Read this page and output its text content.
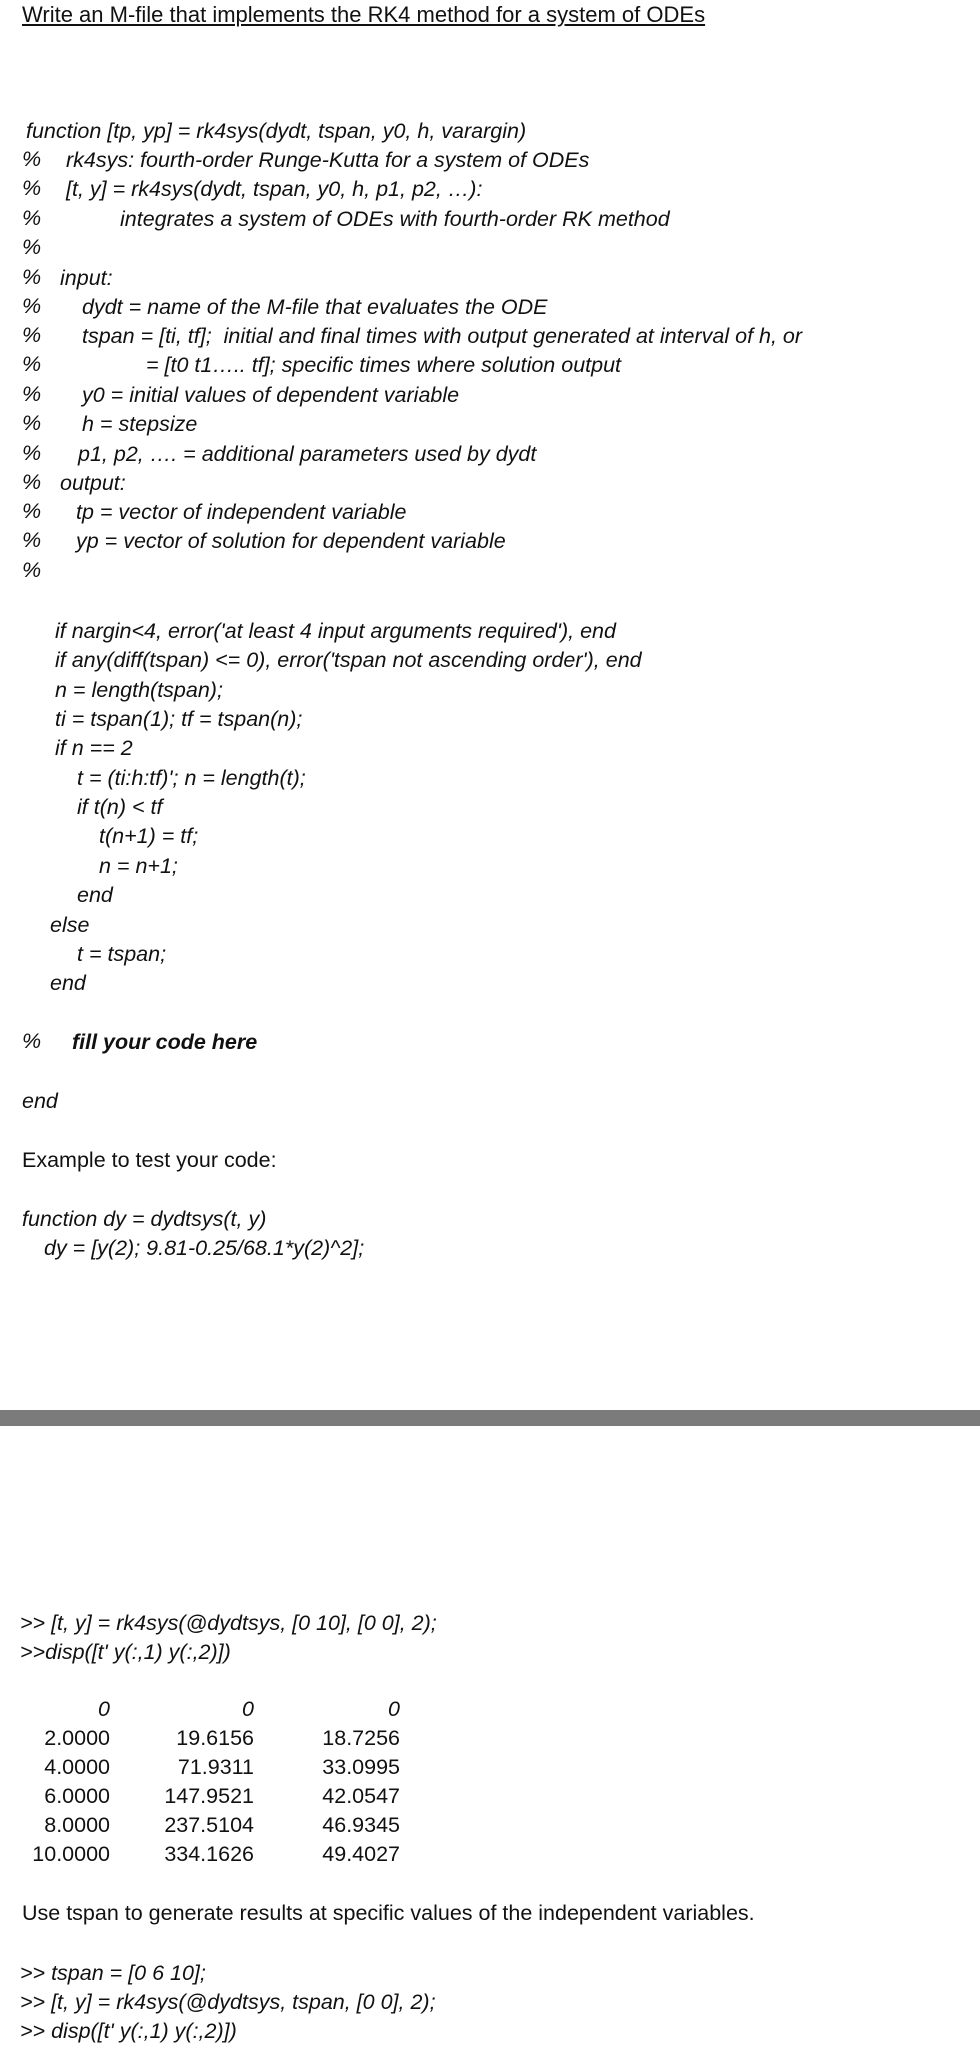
Write an M-file that implements the RK4 method for a system of ODEs
function [tp, yp] = rk4sys(dydt, tspan, y0, h, varargin)
% rk4sys: fourth-order Runge-Kutta for a system of ODEs
% [t, y] = rk4sys(dydt, tspan, y0, h, p1, p2, …):
%	integrates a system of ODEs with fourth-order RK method
%
% input:
% dydt = name of the M-file that evaluates the ODE
% tspan = [ti, tf];  initial and final times with output generated at interval of h, or
%	= [t0 t1….. tf]; specific times where solution output
% y0 = initial values of dependent variable
% h = stepsize
% p1, p2, …. = additional parameters used by dydt
% output:
% tp = vector of independent variable
% yp = vector of solution for dependent variable
%
if nargin<4, error('at least 4 input arguments required'), end
if any(diff(tspan) <= 0), error('tspan not ascending order'), end
n = length(tspan);
ti = tspan(1); tf = tspan(n);
if n == 2
t = (ti:h:tf)'; n = length(t);
if t(n) < tf
t(n+1) = tf;
n = n+1;
end
else
t = tspan;
end
% fill your code here
end
Example to test your code:
function dy = dydtsys(t, y)
dy = [y(2); 9.81-0.25/68.1*y(2)^2];
>> [t, y] = rk4sys(@dydtsys, [0 10], [0 0], 2);
>>disp([t' y(:,1) y(:,2)])
0	0	0
2.0000	19.6156	18.7256
4.0000	71.9311	33.0995
6.0000	147.9521	42.0547
8.0000	237.5104	46.9345
10.0000	334.1626	49.4027
Use tspan to generate results at specific values of the independent variables.
>> tspan = [0 6 10];
>> [t, y] = rk4sys(@dydtsys, tspan, [0 0], 2);
>> disp([t' y(:,1) y(:,2)])
